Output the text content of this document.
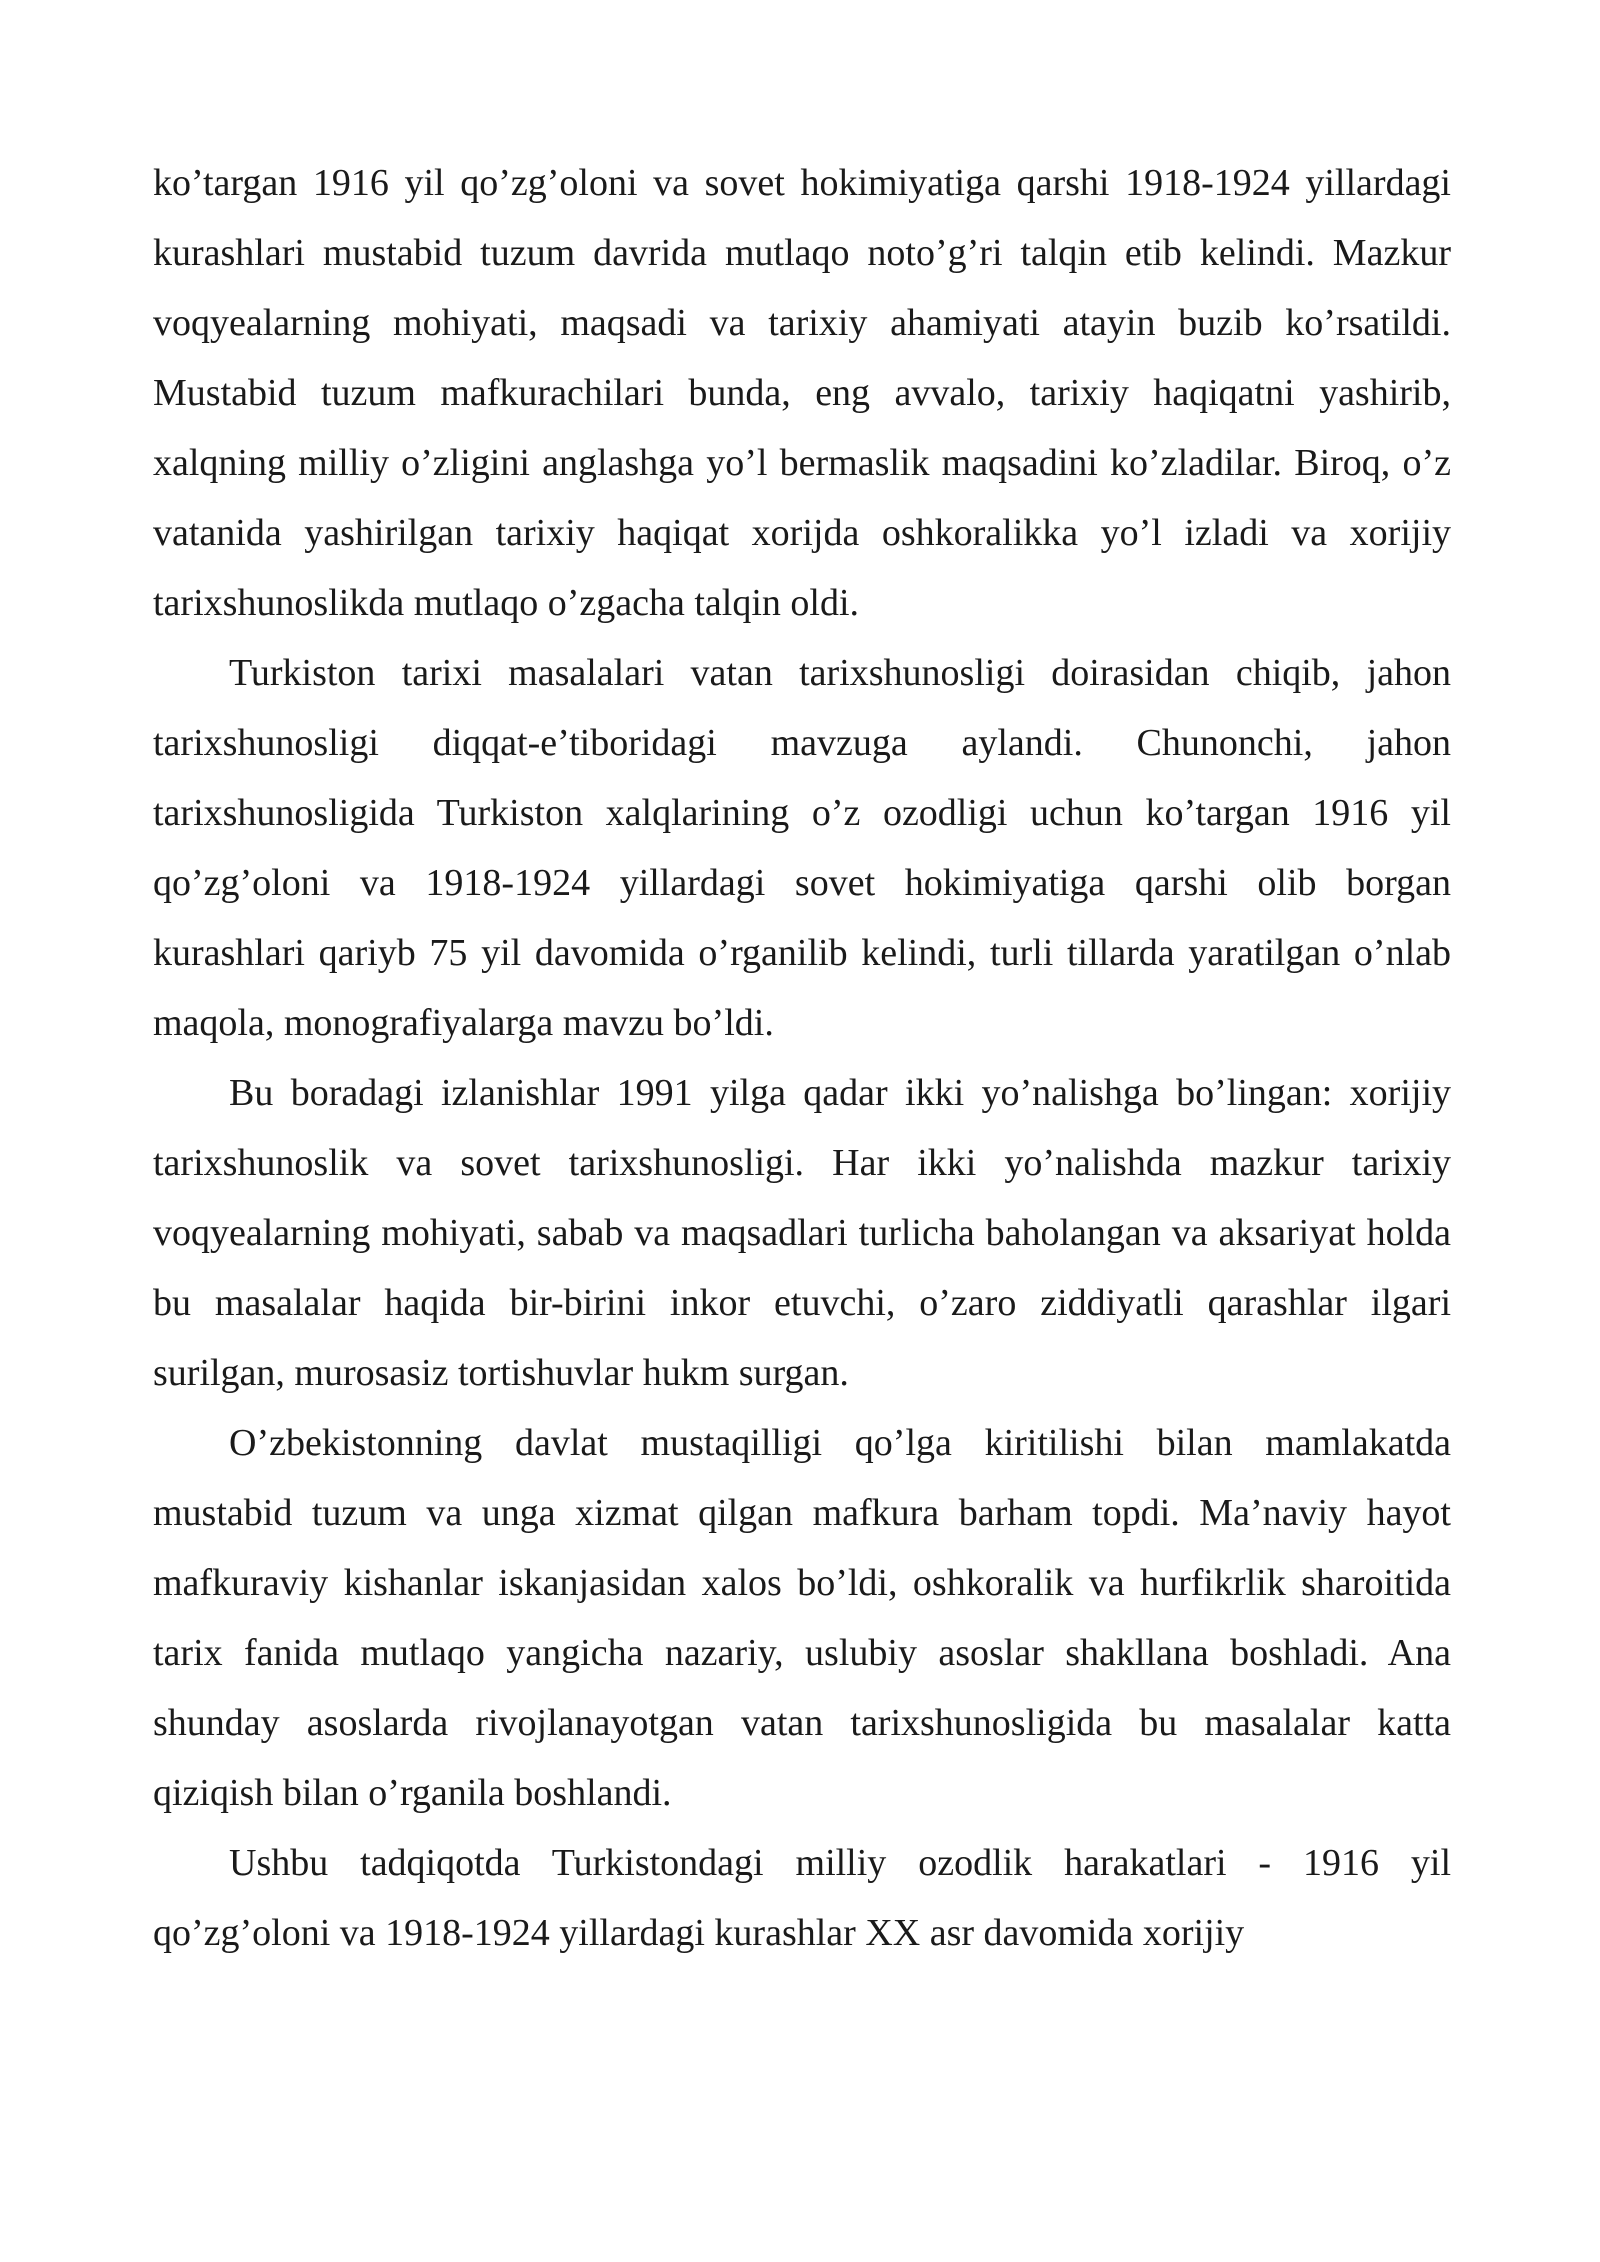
ko’targan 1916 yil qo’zg’oloni va sovet hokimiyatiga qarshi 1918-1924 yillardagi kurashlari mustabid tuzum davrida mutlaqo noto’g’ri talqin etib kelindi. Mazkur voqyealarning mohiyati, maqsadi va tarixiy ahamiyati atayin buzib ko’rsatildi. Mustabid tuzum mafkurachilari bunda, eng avvalo, tarixiy haqiqatni yashirib, xalqning milliy o’zligini anglashga yo’l bermaslik maqsadini ko’zladilar. Biroq, o’z vatanida yashirilgan tarixiy haqiqat xorijda oshkoralikka yo’l izladi va xorijiy tarixshunoslikda mutlaqo o’zgacha talqin oldi.

Turkiston tarixi masalalari vatan tarixshunosligi doirasidan chiqib, jahon tarixshunosligi diqqat-e’tiboridagi mavzuga aylandi. Chunonchi, jahon tarixshunosligida Turkiston xalqlarining o’z ozodligi uchun ko’targan 1916 yil qo’zg’oloni va 1918-1924 yillardagi sovet hokimiyatiga qarshi olib borgan kurashlari qariyb 75 yil davomida o’rganilib kelindi, turli tillarda yaratilgan o’nlab maqola, monografiyalarga mavzu bo’ldi.

Bu boradagi izlanishlar 1991 yilga qadar ikki yo’nalishga bo’lingan: xorijiy tarixshunoslik va sovet tarixshunosligi. Har ikki yo’nalishda mazkur tarixiy voqyealarning mohiyati, sabab va maqsadlari turlicha baholangan va aksariyat holda bu masalalar haqida bir-birini inkor etuvchi, o’zaro ziddiyatli qarashlar ilgari surilgan, murosasiz tortishuvlar hukm surgan.

O’zbekistonning davlat mustaqilligi qo’lga kiritilishi bilan mamlakatda mustabid tuzum va unga xizmat qilgan mafkura barham topdi. Ma’naviy hayot mafkuraviy kishanlar iskanjasidan xalos bo’ldi, oshkoralik va hurfikrlik sharoitida tarix fanida mutlaqo yangicha nazariy, uslubiy asoslar shakllana boshladi. Ana shunday asoslarda rivojlanayotgan vatan tarixshunosligida bu masalalar katta qiziqish bilan o’rganila boshlandi.

Ushbu tadqiqotda Turkistondagi milliy ozodlik harakatlari - 1916 yil qo’zg’oloni va 1918-1924 yillardagi kurashlar XX asr davomida xorijiy
